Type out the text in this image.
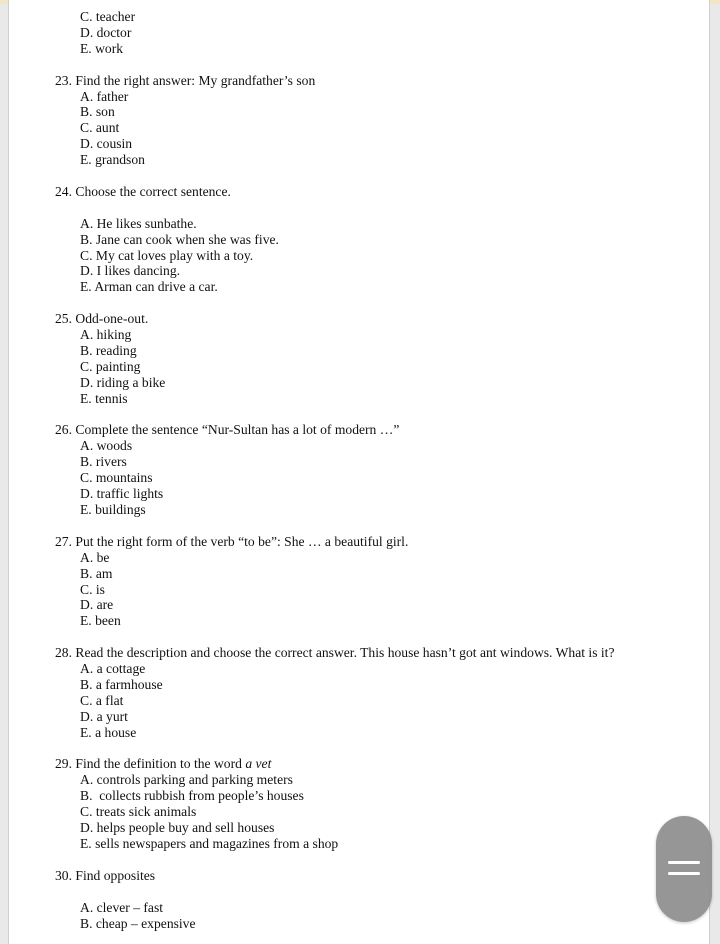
C. teacher
D. doctor
E. work
23. Find the right answer: My grandfather’s son
A. father
B. son
C. aunt
D. cousin
E. grandson
24. Choose the correct sentence.
A. He likes sunbathe.
B. Jane can cook when she was five.
C. My cat loves play with a toy.
D. I likes dancing.
E. Arman can drive a car.
25. Odd-one-out.
A. hiking
B. reading
C. painting
D. riding a bike
E. tennis
26. Complete the sentence “Nur-Sultan has a lot of modern …”
A. woods
B. rivers
C. mountains
D. traffic lights
E. buildings
27. Put the right form of the verb “to be”: She … a beautiful girl.
A. be
B. am
C. is
D. are
E. been
28. Read the description and choose the correct answer. This house hasn’t got ant windows. What is it?
A. a cottage
B. a farmhouse
C. a flat
D. a yurt
E. a house
29. Find the definition to the word a vet
A. controls parking and parking meters
B.  collects rubbish from people’s houses
C. treats sick animals
D. helps people buy and sell houses
E. sells newspapers and magazines from a shop
30. Find opposites
A. clever – fast
B. cheap – expensive
